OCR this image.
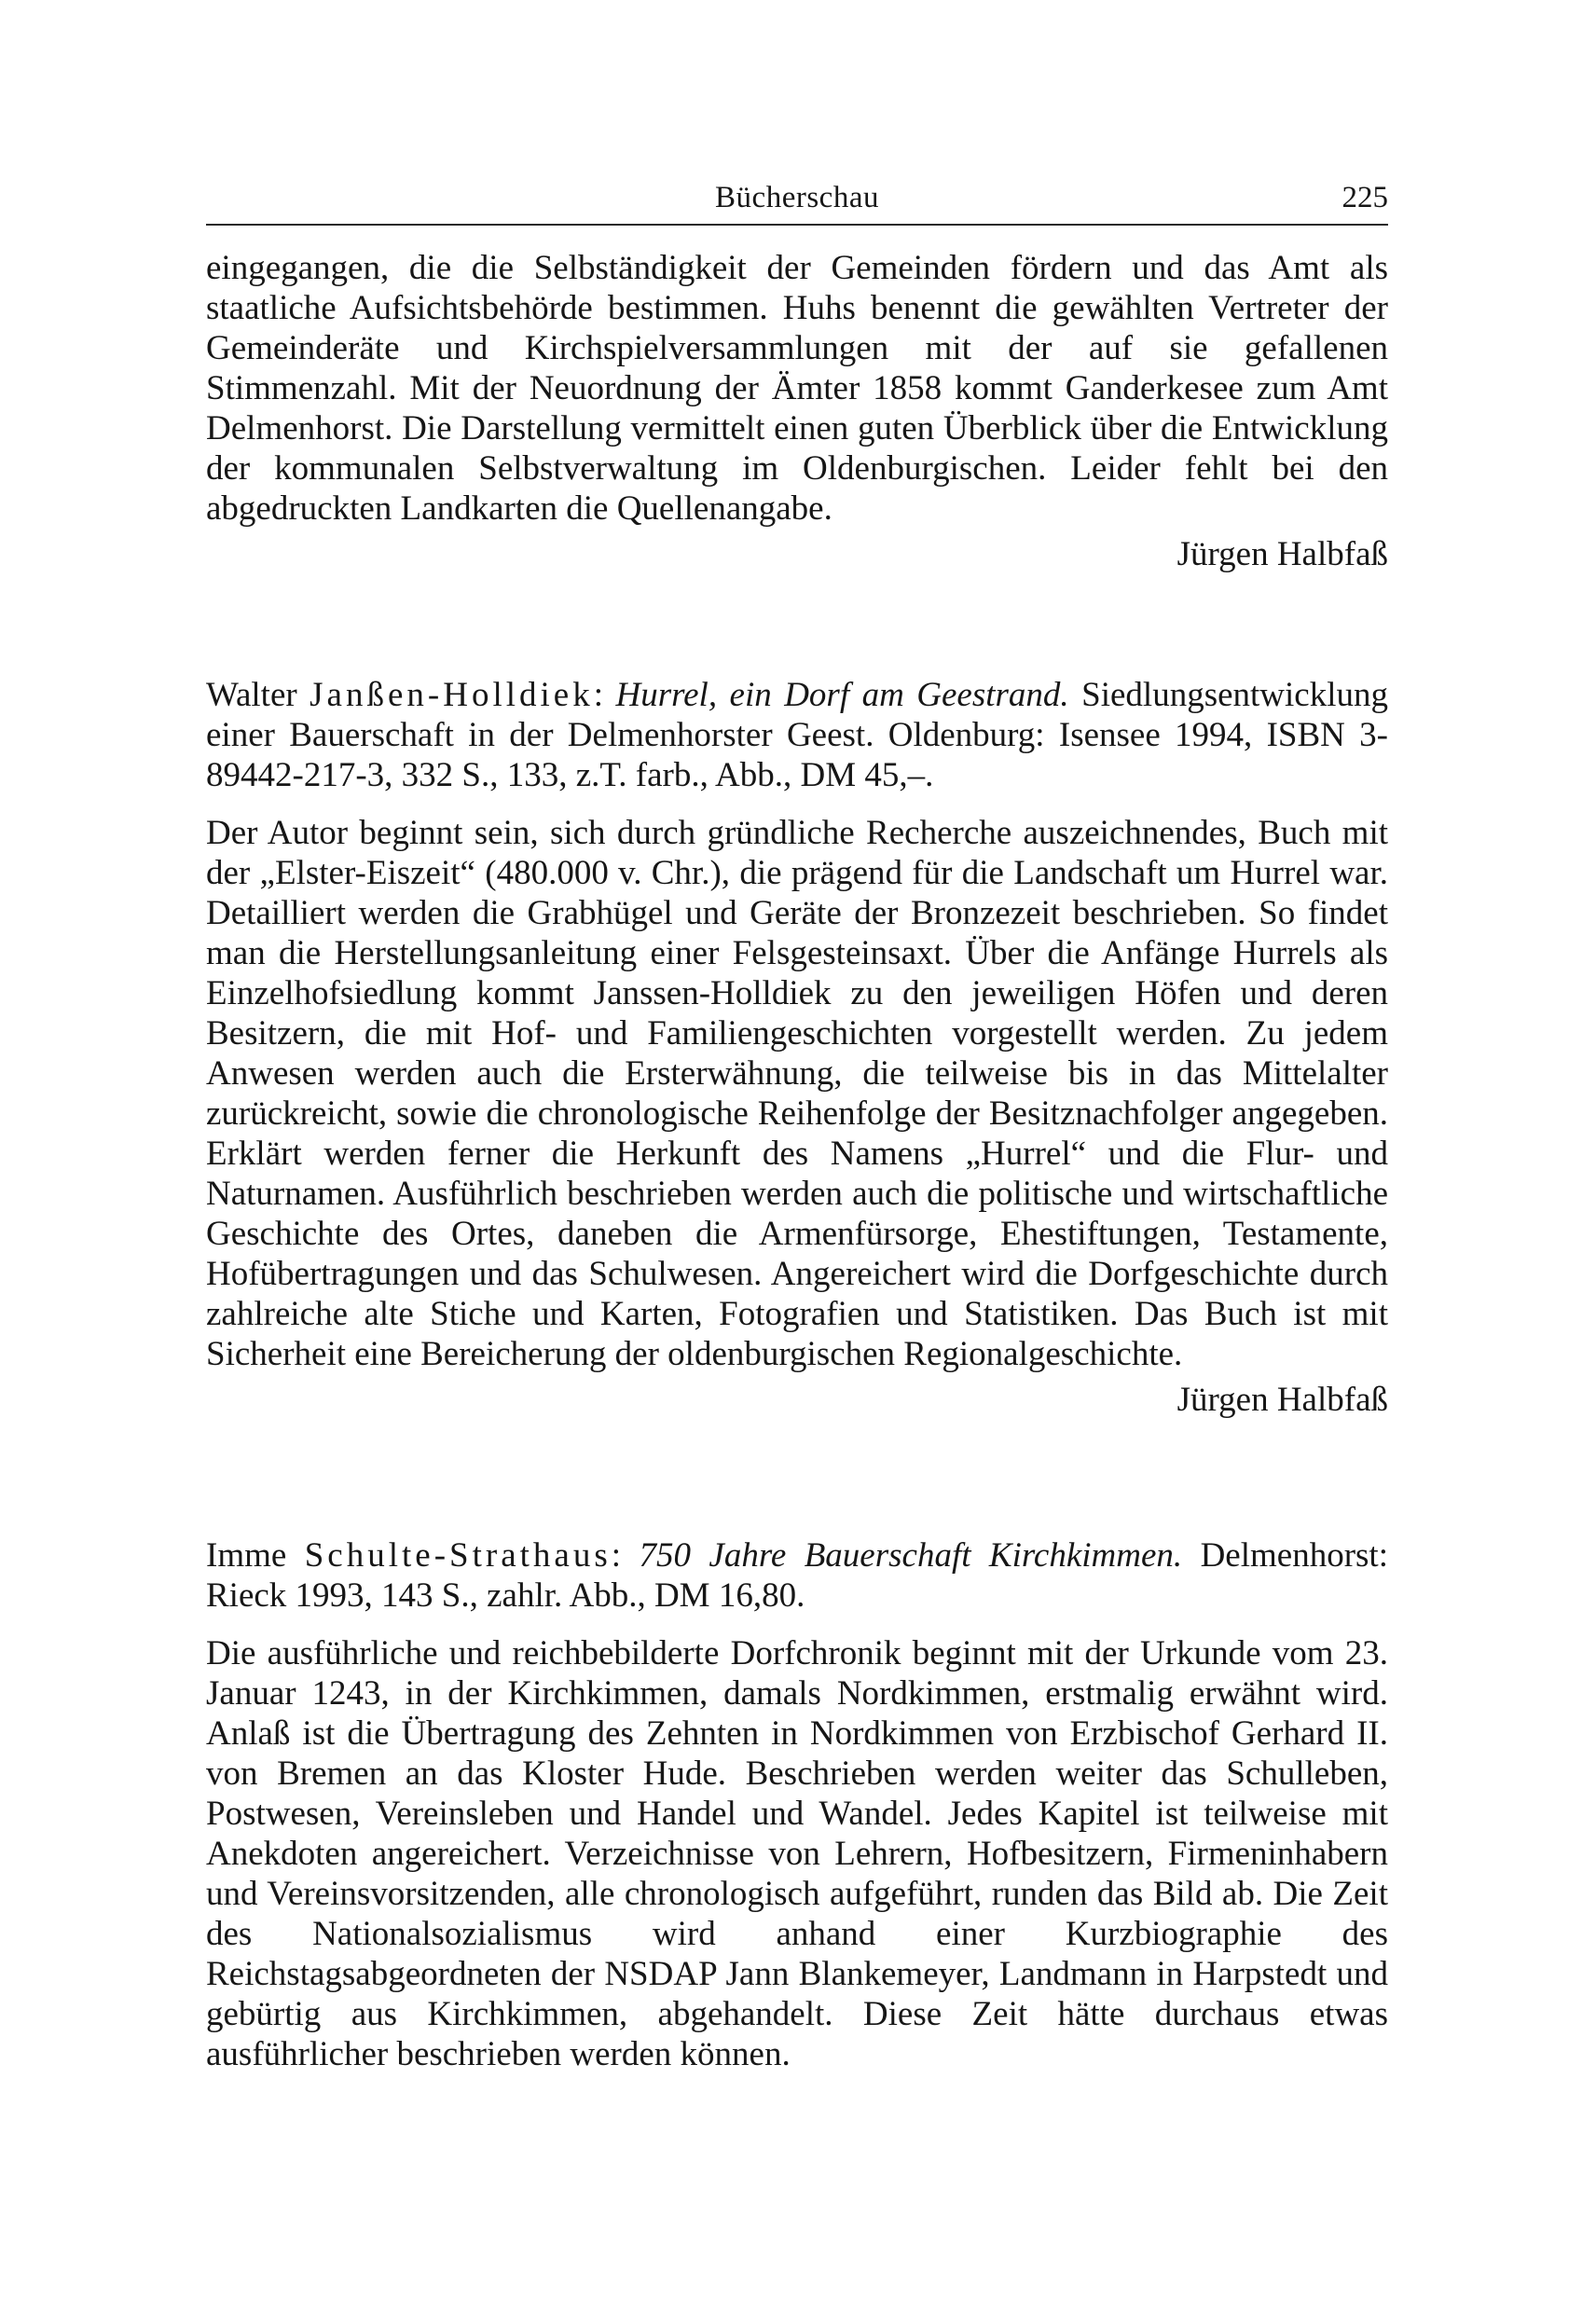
Bücherschau	225

eingegangen, die die Selbständigkeit der Gemeinden fördern und das Amt als staatliche Aufsichtsbehörde bestimmen. Huhs benennt die gewählten Vertreter der Gemeinderäte und Kirchspielversammlungen mit der auf sie gefallenen Stimmenzahl. Mit der Neuordnung der Ämter 1858 kommt Ganderkesee zum Amt Delmenhorst. Die Darstellung vermittelt einen guten Überblick über die Entwicklung der kommunalen Selbstverwaltung im Oldenburgischen. Leider fehlt bei den abgedruckten Landkarten die Quellenangabe.

Jürgen Halbfaß

Walter Janßen-Holldiek: Hurrel, ein Dorf am Geestrand. Siedlungsentwicklung einer Bauerschaft in der Delmenhorster Geest. Oldenburg: Isensee 1994, ISBN 3-89442-217-3, 332 S., 133, z.T. farb., Abb., DM 45,–.

Der Autor beginnt sein, sich durch gründliche Recherche auszeichnendes, Buch mit der „Elster-Eiszeit“ (480.000 v. Chr.), die prägend für die Landschaft um Hurrel war. Detailliert werden die Grabhügel und Geräte der Bronzezeit beschrieben. So findet man die Herstellungsanleitung einer Felsgesteinsaxt. Über die Anfänge Hurrels als Einzelhofsiedlung kommt Janssen-Holldiek zu den jeweiligen Höfen und deren Besitzern, die mit Hof- und Familiengeschichten vorgestellt werden. Zu jedem Anwesen werden auch die Ersterwähnung, die teilweise bis in das Mittelalter zurückreicht, sowie die chronologische Reihenfolge der Besitznachfolger angegeben. Erklärt werden ferner die Herkunft des Namens „Hurrel“ und die Flur- und Naturnamen. Ausführlich beschrieben werden auch die politische und wirtschaftliche Geschichte des Ortes, daneben die Armenfürsorge, Ehestiftungen, Testamente, Hofübertragungen und das Schulwesen. Angereichert wird die Dorfgeschichte durch zahlreiche alte Stiche und Karten, Fotografien und Statistiken. Das Buch ist mit Sicherheit eine Bereicherung der oldenburgischen Regionalgeschichte.

Jürgen Halbfaß

Imme Schulte-Strathaus: 750 Jahre Bauerschaft Kirchkimmen. Delmenhorst: Rieck 1993, 143 S., zahlr. Abb., DM 16,80.

Die ausführliche und reichbebilderte Dorfchronik beginnt mit der Urkunde vom 23. Januar 1243, in der Kirchkimmen, damals Nordkimmen, erstmalig erwähnt wird. Anlaß ist die Übertragung des Zehnten in Nordkimmen von Erzbischof Gerhard II. von Bremen an das Kloster Hude. Beschrieben werden weiter das Schulleben, Postwesen, Vereinsleben und Handel und Wandel. Jedes Kapitel ist teilweise mit Anekdoten angereichert. Verzeichnisse von Lehrern, Hofbesitzern, Firmeninhabern und Vereinsvorsitzenden, alle chronologisch aufgeführt, runden das Bild ab. Die Zeit des Nationalsozialismus wird anhand einer Kurzbiographie des Reichstagsabgeordneten der NSDAP Jann Blankemeyer, Landmann in Harpstedt und gebürtig aus Kirchkimmen, abgehandelt. Diese Zeit hätte durchaus etwas ausführlicher beschrieben werden können.
